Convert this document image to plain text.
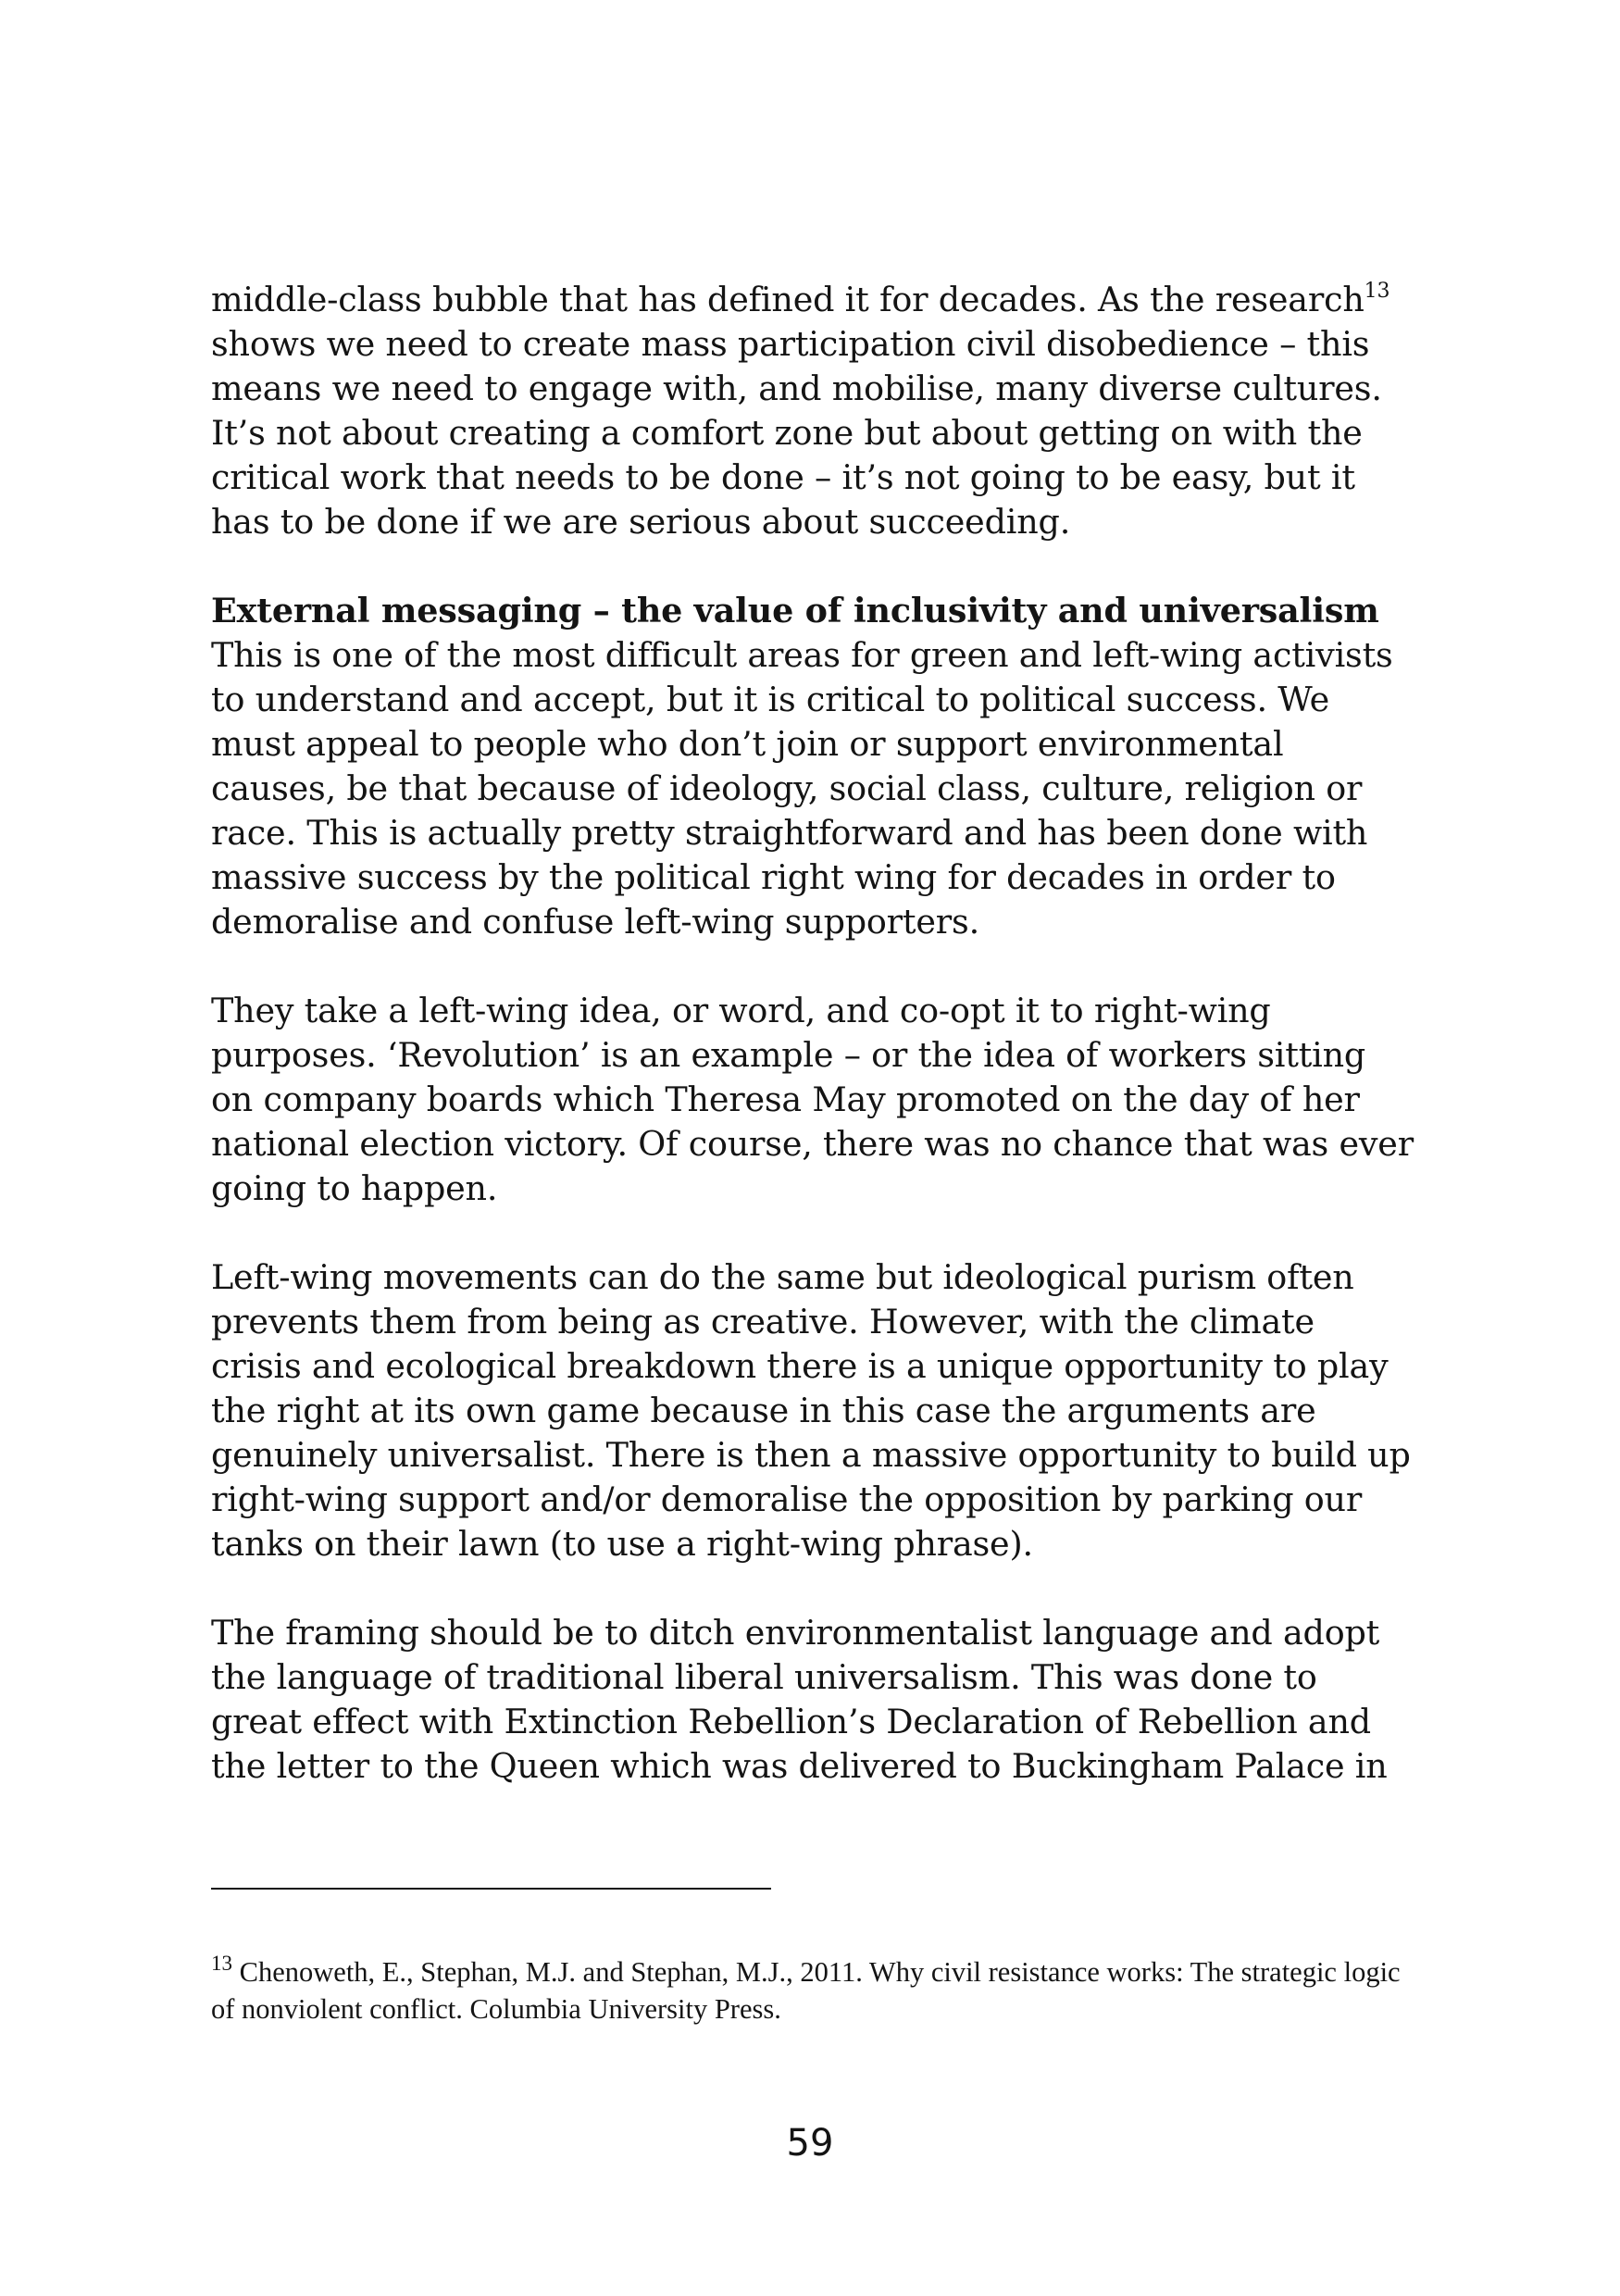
middle-class bubble that has defined it for decades. As the research$^{13}$ shows we need to create mass participation civil disobedience – this means we need to engage with, and mobilise, many diverse cultures. It’s not about creating a comfort zone but about getting on with the critical work that needs to be done – it’s not going to be easy, but it has to be done if we are serious about succeeding.

External messaging – the value of inclusivity and universalism

This is one of the most difficult areas for green and left-wing activists to understand and accept, but it is critical to political success. We must appeal to people who don’t join or support environmental causes, be that because of ideology, social class, culture, religion or race. This is actually pretty straightforward and has been done with massive success by the political right wing for decades in order to demoralise and confuse left-wing supporters.

They take a left-wing idea, or word, and co-opt it to right-wing purposes. ‘Revolution’ is an example – or the idea of workers sitting on company boards which Theresa May promoted on the day of her national election victory. Of course, there was no chance that was ever going to happen.

Left-wing movements can do the same but ideological purism often prevents them from being as creative. However, with the climate crisis and ecological breakdown there is a unique opportunity to play the right at its own game because in this case the arguments are genuinely universalist. There is then a massive opportunity to build up right-wing support and/or demoralise the opposition by parking our tanks on their lawn (to use a right-wing phrase).

The framing should be to ditch environmentalist language and adopt the language of traditional liberal universalism. This was done to great effect with Extinction Rebellion’s Declaration of Rebellion and the letter to the Queen which was delivered to Buckingham Palace in

$^{13}$ Chenoweth, E., Stephan, M.J. and Stephan, M.J., 2011. Why civil resistance works: The strategic logic of nonviolent conflict. Columbia University Press.
59
